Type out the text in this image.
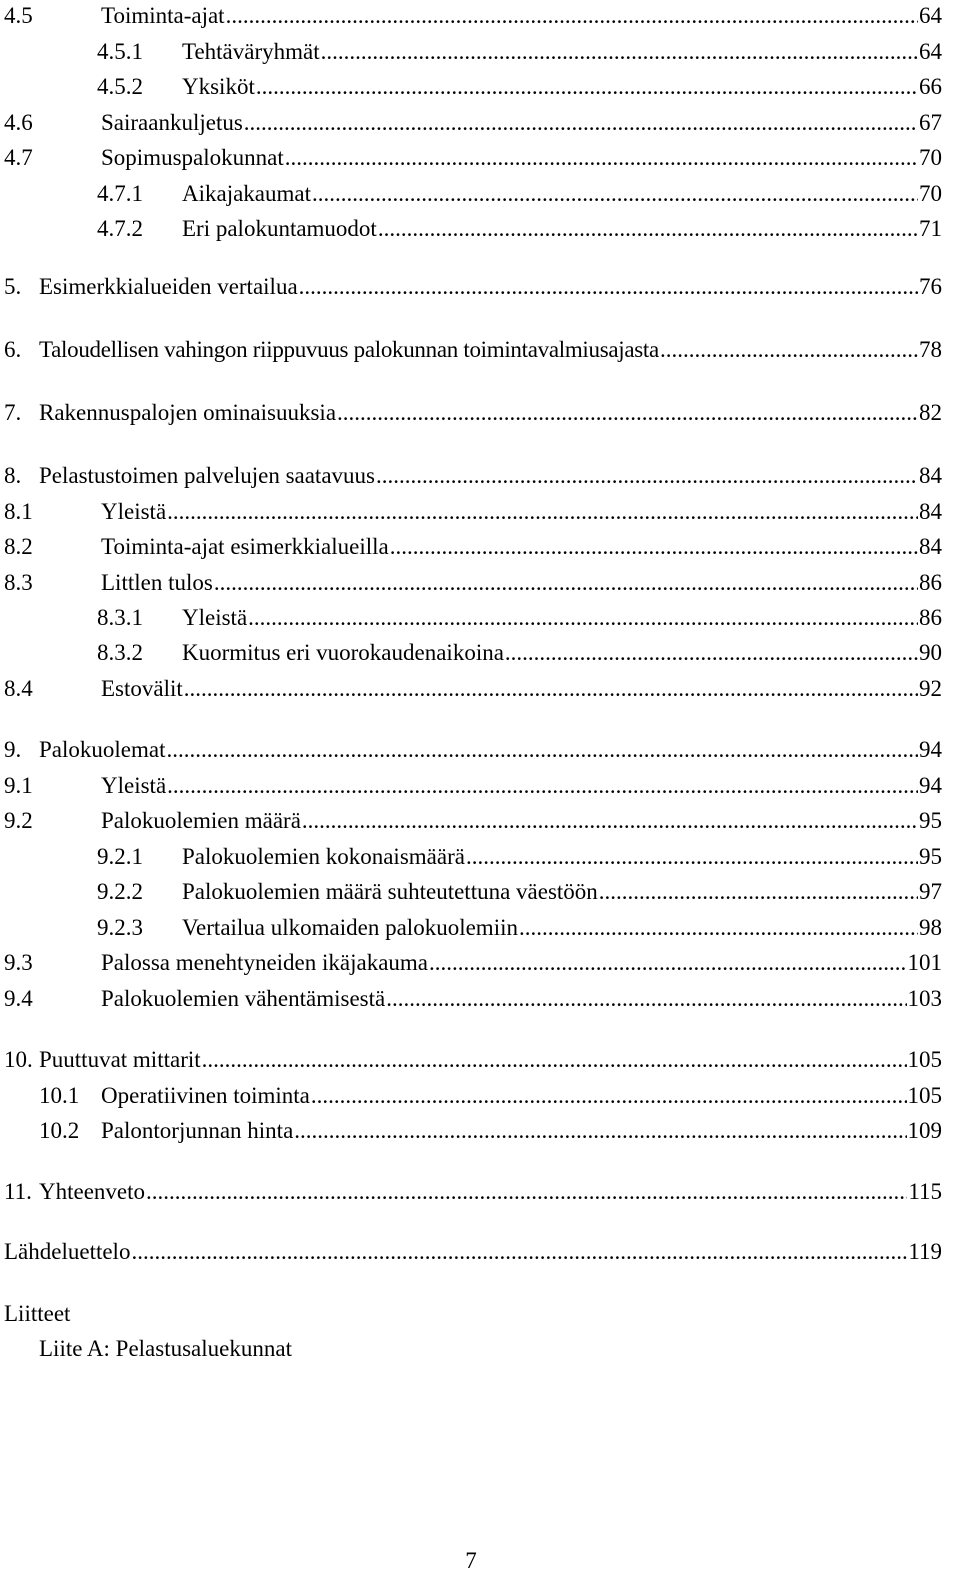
4.5	Toiminta-ajat .....	64
4.5.1	Tehtäväryhmät .....	64
4.5.2	Yksiköt .....	66
4.6	Sairaankuljetus .....	67
4.7	Sopimuspalokunnat .....	70
4.7.1	Aikajakaumat .....	70
4.7.2	Eri palokuntamuodot .....	71
5. Esimerkkialueiden vertailua .....	76
6. Taloudellisen vahingon riippuvuus palokunnan toimintavalmiusajasta .....	78
7. Rakennuspalojen ominaisuuksia .....	82
8. Pelastustoimen palvelujen saatavuus .....	84
8.1	Yleistä .....	84
8.2	Toiminta-ajat esimerkkialueilla .....	84
8.3	Littlen tulos .....	86
8.3.1	Yleistä .....	86
8.3.2	Kuormitus eri vuorokaudenaikoina .....	90
8.4	Estovälit .....	92
9. Palokuolemat .....	94
9.1	Yleistä .....	94
9.2	Palokuolemien määrä .....	95
9.2.1	Palokuolemien kokonaismäärä .....	95
9.2.2	Palokuolemien määrä suhteutettuna väestöön .....	97
9.2.3	Vertailua ulkomaiden palokuolemiin .....	98
9.3	Palossa menehtyneiden ikäjakauma .....	101
9.4	Palokuolemien vähentämisestä .....	103
10. Puuttuvat mittarit .....	105
10.1 Operatiivinen toiminta .....	105
10.2 Palontorjunnan hinta .....	109
11. Yhteenveto .....	115
Lähdeluettelo .....	119
Liitteet
Liite A: Pelastusaluekunnat
7
